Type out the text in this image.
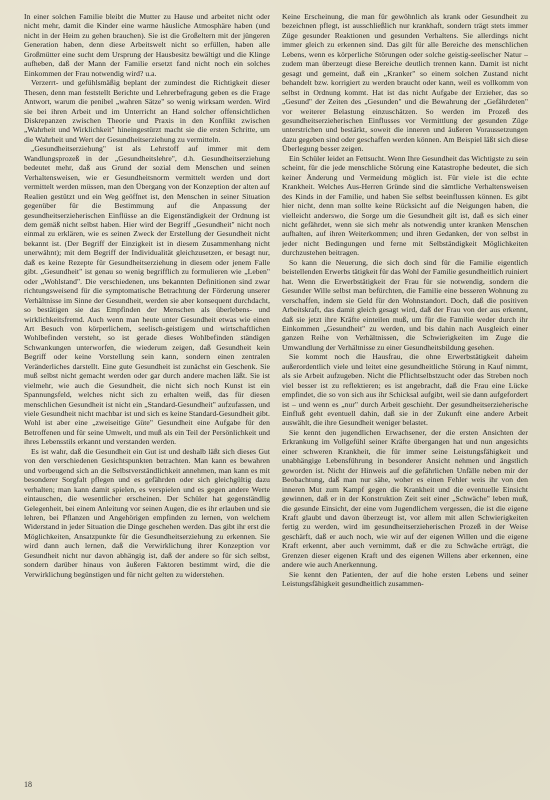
In einer solchen Familie bleibt die Mutter zu Hause und arbeitet nicht oder nicht mehr, damit die Kinder eine warme häusliche Atmosphäre haben (und nicht in der Heim zu gehen brauchen). Sie ist die Großeltern mit der jüngeren Generation haben, denn diese Arbeitswelt nicht so erfüllen, haben alle Großmütter eine sucht dem Ursprung der Hausbesitz bewältigt und die Klinge aufheben, daß der Mann der Familie ersetzt fand nicht noch ein solches Einkommen der Frau notwendig wird? u.a.

Verzerrt- und gefühlsmäßig beplant der zumindest die Richtigkeit dieser Thesen, denn man feststellt Berichte und Lehrerbefragung geben es die Frage Antwort, warum die penibel „wahren Sätze" so wenig wirksam werden. Wird sie bei ihren Arbeit und im Unterricht an Hand solcher offensichtlichen Diskrepanzen zwischen Theorie und Praxis in den Konflikt zwischen „Wahrheit und Wirklichkeit" hineingestürzt macht sie die ersten Schritte, um die Wahrheit und Wert der Gesundheitserziehung zu vermitteln.

„Gesundheitserziehung" ist als Lehrstoff auf immer mit dem Wandlungsprozeß in der „Gesundheitslehre", d.h. Gesundheitserziehung bedeutet mehr, daß aus Grund der sozial dem Menschen und seinen Verhaltensweisen, wie er Gesundheitsnorm vermittelt werden und dort vermittelt werden müssen, man den Übergang von der Konzeption der alten auf Realien gestützt und ein Weg geöffnet ist, den Menschen in seiner Situation gegenüber für die Bestimmung auf die Anpassung der gesundheitserzieherischen Einflüsse an die Eigenständigkeit der Ordnung ist dem gemäß nicht selbst haben. Hier wird der Begriff „Gesundheit" nicht noch einmal zu erklären, wie es seinen Zweck der Erstellung der Gesundheit nicht bekannt ist. (Der Begriff der Einzigkeit ist in diesem Zusammenhang nicht unerwähnt); mit dem Begriff der Individualität gleichzusetzen, er besagt nur, daß es keine Rezepte für Gesundheitserziehung in diesem oder jenem Falle gibt. „Gesundheit" ist genau so wenig begrifflich zu formulieren wie „Leben" oder „Wohlstand". Die verschiedenen, uns bekannten Definitionen sind zwar richtungsweisend für die symptomatische Betrachtung der Förderung unserer Verhältnisse im Sinne der Gesundheit, werden sie aber konsequent durchdacht, so bestätigen sie das Empfinden der Menschen als überlebens- und wirklichkeitsfremd. Auch wenn man heute unter Gesundheit etwas wie einen Art Besuch von körperlichem, seelisch-geistigem und wirtschaftlichen Wohlbefinden versteht, so ist gerade dieses Wohlbefinden ständigen Schwankungen unterworfen, die wiederum zeigen, daß Gesundheit kein Begriff oder keine Vorstellung sein kann, sondern einen zentralen Veränderliches darstellt. Eine gute Gesundheit ist zunächst ein Geschenk. Sie muß selbst nicht gemacht werden oder gar durch andere machen läßt. Sie ist vielmehr, wie auch die Gesundheit, die nicht sich noch Kunst ist ein Spannungsfeld, welches nicht sich zu erhalten weiß, das für diesen menschlichen Gesundheit ist nicht ein „Standard-Gesundheit" aufzufassen, und viele Gesundheit nicht machbar ist und sich es keine Standard-Gesundheit gibt. Wohl ist aber eine „zweiseitige Güte" Gesundheit eine Aufgabe für den Betroffenen und für seine Umwelt, und muß als ein Teil der Persönlichkeit und ihres Lebensstils erkannt und verstanden werden.

Es ist wahr, daß die Gesundheit ein Gut ist und deshalb läßt sich dieses Gut von den verschiedenen Gesichtspunkten betrachten. Man kann es bewahren und vorbeugend sich an die Selbstverständlichkeit annehmen, man kann es mit besonderer Sorgfalt pflegen und es gefährden oder sich gleichgültig dazu verhalten; man kann damit spielen, es verspielen und es gegen andere Werte eintauschen, die wesentlicher erscheinen. Der Schüler hat gegenständlig Gelegenheit, bei einem Anleitung vor seinen Augen, die es ihr erlauben und sie lehren, bei Pflanzen und Angehörigen empfinden zu lernen, von welchem Widerstand in jeder Situation die Dinge geschehen werden. Das gibt ihr erst die Möglichkeiten, Ansatzpunkte für die Gesundheitserziehung zu erkennen. Sie wird dann auch lernen, daß die Verwirklichung ihrer Konzeption vor Gesundheit nicht nur davon abhängig ist, daß der andere so für sich selbst, sondern darüber hinaus von äußeren Faktoren bestimmt wird, die die Verwirklichung begünstigen und für nicht gelten zu widerstehen.

Keine Erscheinung, die man für gewöhnlich als krank oder Gesundheit zu bezeichnen pflegt, ist ausschließlich nur krankhaft, sondern trägt stets immer Züge gesunder Reaktionen und gesunden Verhaltens. Sie allerdings nicht immer gleich zu erkennen sind. Das gilt für alle Bereiche des menschlichen Lebens, wenn es körperliche Störungen oder solche geistig-seelischer Natur – zudem man überzeugt diese Bereiche deutlich trennen kann. Damit ist nicht gesagt und gemeint, daß ein „Kranker" so einem solchen Zustand nicht behandelt bzw. korrigiert zu werden braucht oder kann, weil es vollkomm von selbst in Ordnung kommt. Hat ist das nicht Aufgabe der Erzieher, das so „Gesund" der Zeiten des „Gesunden" und die Bewahrung der „Gefährdeten" vor weiterer Belastung einzuschätzen. So werden im Prozeß des gesundheitserzieherischen Einflusses vor Vermittlung der gesunden Züge unterstrichen und bestärkt, soweit die inneren und äußeren Voraussetzungen dazu gegeben sind oder geschaffen werden können. Am Beispiel läßt sich diese Überlegung besser zeigen.

Ein Schüler leidet an Fettsucht. Wenn Ihre Gesundheit das Wichtigste zu sein scheint, für die jede menschliche Störung eine Katastrophe bedeutet, die sich keiner Änderung und Vermeidung möglich ist. Für viele ist die echte Krankheit. Welches Aus-Herren Gründe sind die sämtliche Verhaltensweisen des Kinds in der Familie, und haben Sie selbst beeinflussen können. Es gibt hier nicht, denn man sollte keine Rücksicht auf die Neigungen haben, die vielleicht anderswo, die Sorge um die Gesundheit gilt ist, daß es sich einer nicht gefährdet, wenn sie sich mehr als notwendig unter kranken Menschen aufhalten, auf ihren Weiterkommen; und ihren Gedanken, der von selbst in jeder nicht Bedingungen und ferne mit Selbständigkeit Möglichkeiten durchzustehen beitragen.

So kann die Neuerung, die sich doch sind für die Familie eigentlich beistellenden Erwerbs tätigkeit für das Wohl der Familie gesundheitlich ruiniert hat. Wenn die Erwerbstätigkeit der Frau für sie notwendig, sondern die Gesunder Wille selbst man befürchten, die Familie eine besseren Wohnung zu verschaffen, indem sie Geld für den Wohnstandort. Doch, daß die positiven Arbeitskraft, das damit gleich gesagt wird, daß der Frau von der aus erkennt, daß sie jetzt ihre Kräfte einteilen muß, um für die Familie weder durch ihr Einkommen „Gesundheit" zu werden, und bis dahin nach Ausgleich einer ganzen Reihe von Verhältnissen, die Schwierigkeiten im Zuge die Umwandlung der Verhältnisse zu einer Gesundheitsbildung gesehen.

Sie kommt noch die Hausfrau, die ohne Erwerbstätigkeit daheim außerordentlich viele und leitet eine gesundheitliche Störung in Kauf nimmt, als sie Arbeit aufzugeben. Nicht die Pflichtselbstzucht oder das Streben noch viel besser ist zu reflektieren; es ist angebracht, daß die Frau eine Lücke empfindet, die so von sich aus ihr Schicksal aufgibt, weil sie dann aufgefordert ist – und wenn es „nur" durch Arbeit geschieht. Der gesundheitserzieherische Einfluß geht eventuell dahin, daß sie in der Zukunft eine andere Arbeit auswählt, die ihre Gesundheit weniger belastet.

Sie kennt den jugendlichen Erwachsener, der die ersten Ansichten der Erkrankung im Vollgefühl seiner Kräfte übergangen hat und nun angesichts einer schweren Krankheit, die für immer seine Leistungsfähigkeit und unabhängige Lebensführung in besonderer Ansicht nehmen und ängstlich geworden ist. Nicht der Hinweis auf die gefährlichen Unfälle neben mir der Beobachtung, daß man nur sähe, woher es einen Fehler weis ihr von den inneren Mut zum Kampf gegen die Krankheit und die eventuelle Einsicht gewinnen, daß er in der Konstruktion Zeit seit einer „Schwäche" leben muß, die gesunde Einsicht, der eine vom Jugendlichem vergessen, die ist die eigene Kraft glaubt und davon überzeugt ist, vor allem mit allen Schwierigkeiten fertig zu werden, wird im gesundheitserzieherischen Prozeß in der Weise geschärft, daß er auch noch, wie wir auf der eigenen Willen und die eigene Kraft erkennt, aber auch vernimmt, daß er die zu Schwäche erträgt, die Grenzen dieser eigenen Kraft und des eigenen Willens aber erkennen, eine andere wie auch Anerkennung.

Sie kennt den Patienten, der auf die hohe ersten Lebens und seiner Leistungsfähigkeit gesundheitlich zusammen-

18
